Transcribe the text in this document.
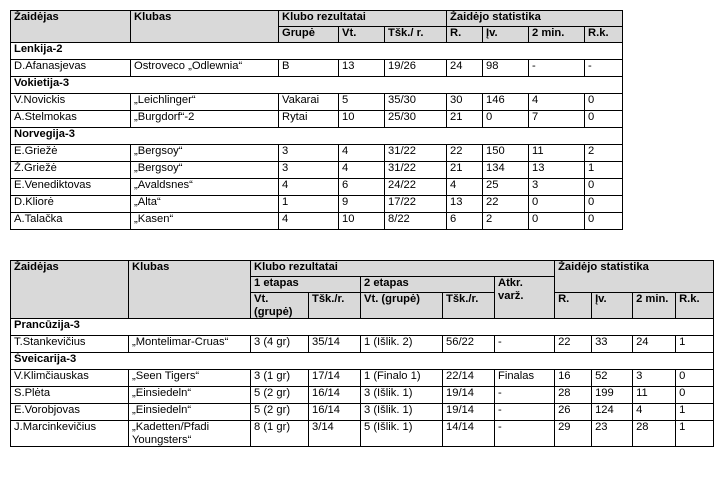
Žaidėjas	Klubas	Klubo rezultatai			Žaidėjo statistika			
		Grupė	Vt.	Tšk./ r.	R.	Įv.	2 min.	R.k.
Lenkija-2								
D.Afanasjevas	Ostroveco „Odlewnia“	B	13	19/26	24	98	-	-
Vokietija-3								
V.Novickis	„Leichlinger“	Vakarai	5	35/30	30	146	4	0
A.Stelmokas	„Burgdorf“-2	Rytai	10	25/30	21	0	7	0
Norvegija-3								
E.Griežė	„Bergsoy“	3	4	31/22	22	150	11	2
Ž.Griežė	„Bergsoy“	3	4	31/22	21	134	13	1
E.Venediktovas	„Avaldsnes“	4	6	24/22	4	25	3	0
D.Kliorė	„Alta“	1	9	17/22	13	22	0	0
A.Talačka	„Kasen“	4	10	8/22	6	2	0	0
Žaidėjas	Klubas	Klubo rezultatai					Žaidėjo statistika			
		1 etapas		2 etapas		Atkr. varž.				
		Vt. (grupė)	Tšk./r.	Vt. (grupė)	Tšk./r.		R.	Įv.	2 min.	R.k.
Prancūzija-3										
T.Stankevičius	„Montelimar-Cruas“	3 (4 gr)	35/14	1 (Išlik. 2)	56/22	-	22	33	24	1
Šveicarija-3										
V.Klimčiauskas	„Seen Tigers“	3 (1 gr)	17/14	1 (Finalo 1)	22/14	Finalas	16	52	3	0
S.Plėta	„Einsiedeln“	5 (2 gr)	16/14	3 (Išlik. 1)	19/14	-	28	199	11	0
E.Vorobjovas	„Einsiedeln“	5 (2 gr)	16/14	3 (Išlik. 1)	19/14	-	26	124	4	1
J.Marcinkevičius	„Kadetten/Pfadi Youngsters“	8 (1 gr)	3/14	5 (Išlik. 1)	14/14	-	29	23	28	1
